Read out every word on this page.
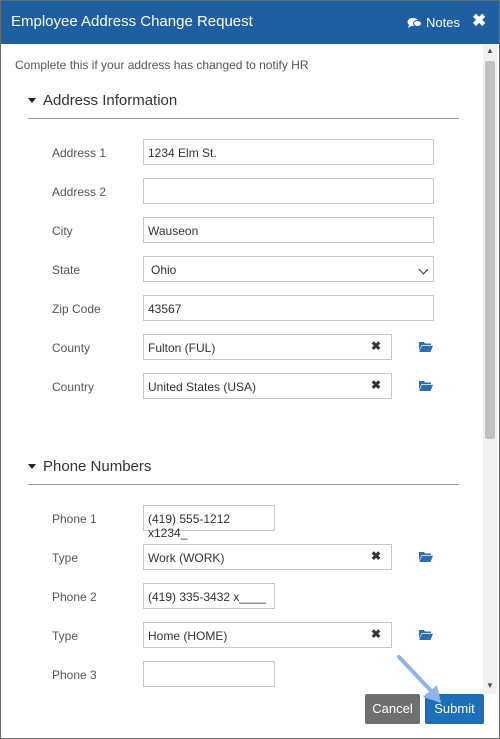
Employee Address Change Request	Notes ✖
Complete this if your address has changed to notify HR
Address Information
Address 1	1234 Elm St.
Address 2
City	Wauseon
State	Ohio
Zip Code	43567
County	Fulton (FUL)	✖
Country	United States (USA)	✖
Phone Numbers
Phone 1	(419) 555-1212 x1234_
Type	Work (WORK)	✖
Phone 2	(419) 335-3432 x____
Type	Home (HOME)	✖
Phone 3
▲
▼
Cancel	Submit
